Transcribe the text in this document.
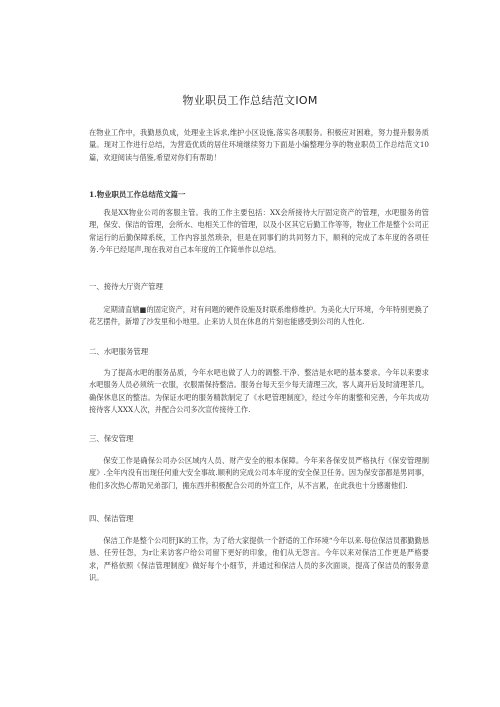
物业职员工作总结范文IOM

在物业工作中，我勤恳负成，处理业主诉求,维护小区设施,落实各项服务。积极应对困难，努力提升服务质量。现对工作进行总结，为营造优质的居住环境继续努力下面是小编整理分享的物业职员工作总结范文10篇，欢迎阅读与借鉴,希望对你们有帮助！

1.物业职员工作总结范文篇一

我是XX物业公司的客服主管。我的工作主要包括：XX会所接待大厅固定资产的管理，水吧服务的管理，保安、保洁的管理，会所水、电相关工作的管理，以及小区其它后勤工作等等，物业工作是整个公司正常运行的后勤保障系统，工作内容虽然琐杂，但是在同事们的共同努力下，顺利的完成了本年度的各项任务.今年已经尾声,现在我对自己本年度的工作简单作以总结。

一、接待大厅资产管理

定期清直辖■的固定资产，对有问题的硬件设施及时联系维修维护。为美化大厅环境，今年特别更换了花艺摆件，新增了沙发里和小地里。止来访人员在休息的片刻也能感受到公司的人性化.

二、水吧服务管理

为了提高水吧的服务品质，今年水吧也做了人力的调整.干净、整洁是水吧的基本要求。今年以来要求水吧服务人员必须统一衣服，衣服需保持整洁。服务台每天至少每天清理三次，客人离开后及时清理茶几，确保休息区的整洁。为保证水吧的服务精款制定了《水吧管理制度》，经过今年的谢整和完善，今年共成功接待客人XXX人次，并配合公司多次宣传接待工作.

三、保安管理

保安工作是确保公司办公区域内人员、财产安全的根本保障。今年来各保安员严格执行《保安管理制度》.全年内没有出现任何重大安全事故.顺利的完成公司本年度的安全保卫任务。因为保安部都是男同事，他们多次热心帮助兄弟部门，搬东西并积极配合公司的外宣工作，从不言累，在此我也十分感谢他们.

四、保洁管理

保洁工作是整个公司肝JK的工作，为了给大家提供一个舒适的工作环境“今年以来.每位保洁员都勤勤恳恳、任劳任怨，为r让来访客户给公司留下更好的印象，他们从无怨言。今年以来对保洁工作更是严格要求，严格依照《保洁管理制度》做好每个小细节，并通过和保洁人员的多次面谈，提高了保洁员的服务意识。
